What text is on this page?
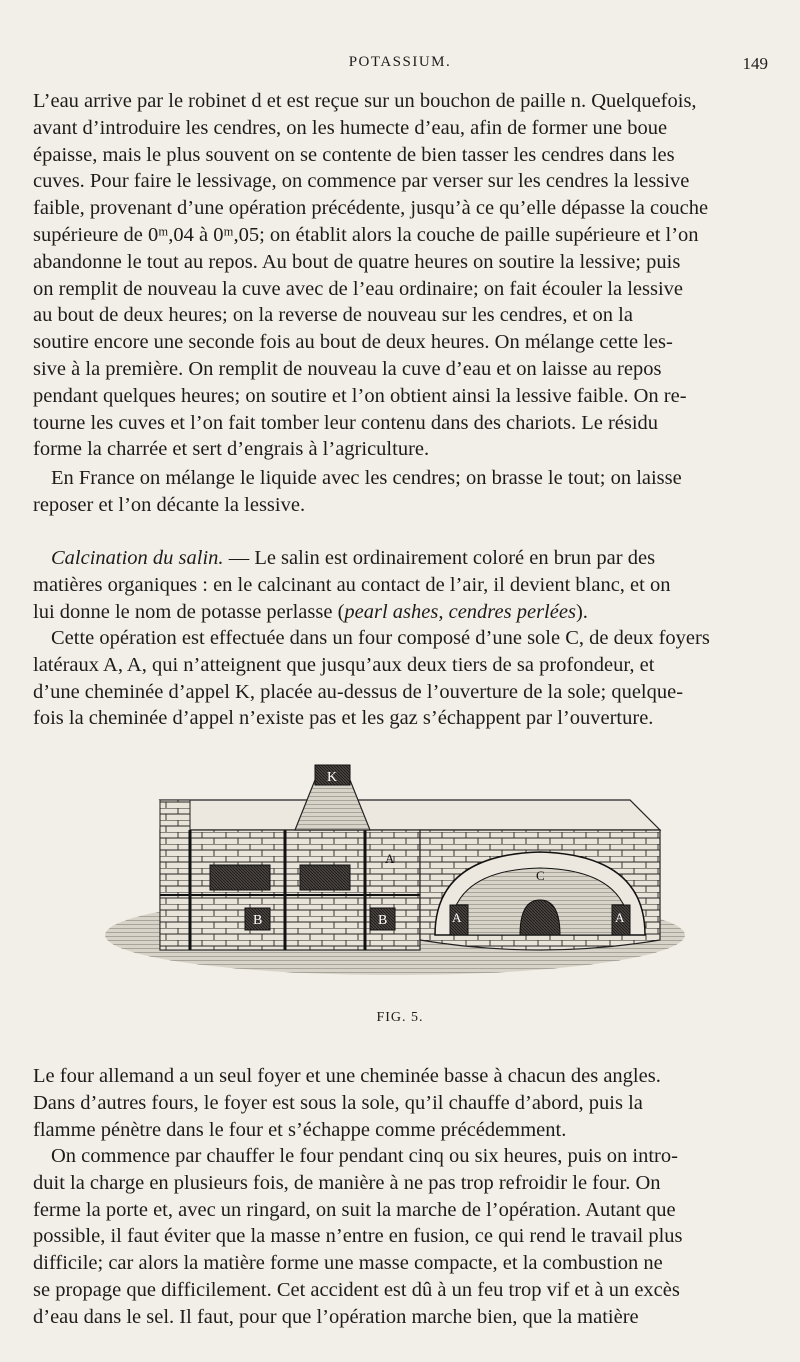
POTASSIUM.	149

L’eau arrive par le robinet d et est reçue sur un bouchon de paille n. Quelquefois,
avant d’introduire les cendres, on les humecte d’eau, afin de former une boue
épaisse, mais le plus souvent on se contente de bien tasser les cendres dans les
cuves. Pour faire le lessivage, on commence par verser sur les cendres la lessive
faible, provenant d’une opération précédente, jusqu’à ce qu’elle dépasse la couche
supérieure de 0ᵐ,04 à 0ᵐ,05; on établit alors la couche de paille supérieure et l’on
abandonne le tout au repos. Au bout de quatre heures on soutire la lessive; puis
on remplit de nouveau la cuve avec de l’eau ordinaire; on fait écouler la lessive
au bout de deux heures; on la reverse de nouveau sur les cendres, et on la
soutire encore une seconde fois au bout de deux heures. On mélange cette les-
sive à la première. On remplit de nouveau la cuve d’eau et on laisse au repos
pendant quelques heures; on soutire et l’on obtient ainsi la lessive faible. On re-
tourne les cuves et l’on fait tomber leur contenu dans des chariots. Le résidu
forme la charrée et sert d’engrais à l’agriculture.

En France on mélange le liquide avec les cendres; on brasse le tout; on laisse
reposer et l’on décante la lessive.

Calcination du salin. — Le salin est ordinairement coloré en brun par des
matières organiques : en le calcinant au contact de l’air, il devient blanc, et on
lui donne le nom de potasse perlasse (pearl ashes, cendres perlées).

Cette opération est effectuée dans un four composé d’une sole C, de deux foyers
latéraux A, A, qui n’atteignent que jusqu’aux deux tiers de sa profondeur, et
d’une cheminée d’appel K, placée au-dessus de l’ouverture de la sole; quelque-
fois la cheminée d’appel n’existe pas et les gaz s’échappent par l’ouverture.

B	B
K
A
A	A
C
FIG. 5.

Le four allemand a un seul foyer et une cheminée basse à chacun des angles.
Dans d’autres fours, le foyer est sous la sole, qu’il chauffe d’abord, puis la
flamme pénètre dans le four et s’échappe comme précédemment.

On commence par chauffer le four pendant cinq ou six heures, puis on intro-
duit la charge en plusieurs fois, de manière à ne pas trop refroidir le four. On
ferme la porte et, avec un ringard, on suit la marche de l’opération. Autant que
possible, il faut éviter que la masse n’entre en fusion, ce qui rend le travail plus
difficile; car alors la matière forme une masse compacte, et la combustion ne
se propage que difficilement. Cet accident est dû à un feu trop vif et à un excès
d’eau dans le sel. Il faut, pour que l’opération marche bien, que la matière
